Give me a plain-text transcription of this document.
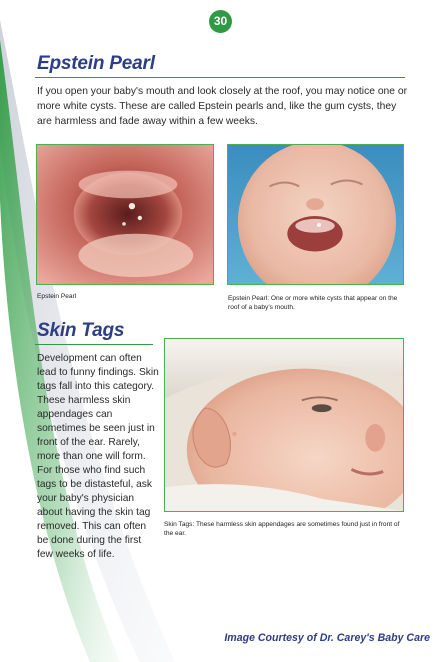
30
Epstein Pearl

If you open your baby's mouth and look closely at the roof, you may notice one or more white cysts. These are called Epstein pearls and, like the gum cysts, they are harmless and fade away within a few weeks.

Epstein Pearl	Epstein Pearl: One or more white cysts that appear on the roof of a baby's mouth.

Skin Tags

Development can often lead to funny findings. Skin tags fall into this category. These harmless skin appendages can sometimes be seen just in front of the ear. Rarely, more than one will form. For those who find such tags to be distasteful, ask your baby's physician about having the skin tag removed. This can often be done during the first few weeks of life.

Skin Tags: These harmless skin appendages are sometimes found just in front of the ear.

Image Courtesy of Dr. Carey's Baby Care
